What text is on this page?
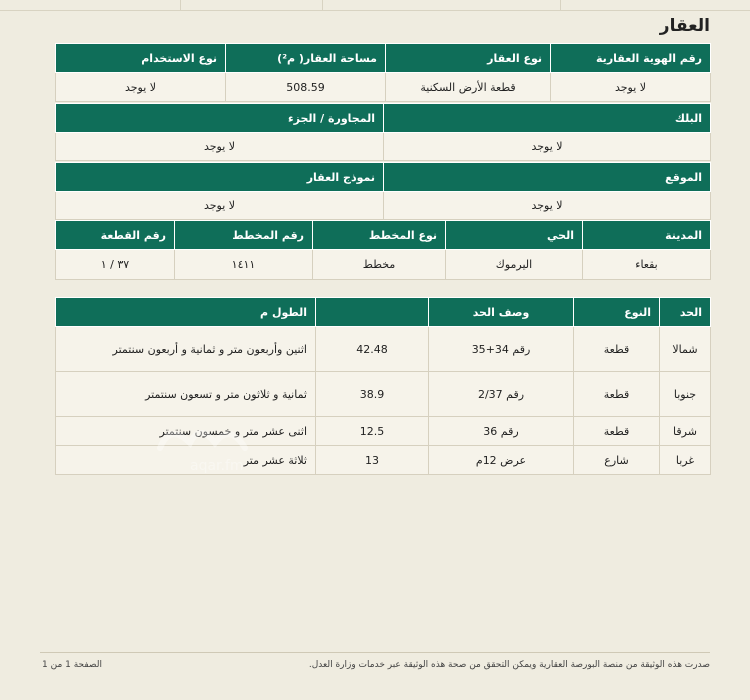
العقار
رقم الهوية العقارية	نوع العقار	مساحة العقار( م²)	نوع الاستخدام
لا يوجد	قطعة الأرض السكنية	508.59	لا يوجد
البلك	المجاورة / الجزء
لا يوجد	لا يوجد
الموقع	نموذج العقار
لا يوجد	لا يوجد
المدينة	الحي	نوع المخطط	رقم المخطط	رقم القطعة
بقعاء	اليرموك	مخطط	١٤١١	٣٧ / ١
الحد	النوع	وصف الحد		الطول م
شمالا	قطعة	رقم 34+35	42.48	اثنين وأربعون متر و ثمانية و أربعون سنتمتر
جنوبا	قطعة	رقم 2/37	38.9	ثمانية و ثلاثون متر و تسعون سنتمتر
شرقا	قطعة	رقم 36	12.5	اثنى عشر متر و خمسون سنتمتر
غربا	شارع	عرض 12م	13	ثلاثة عشر متر
aqar.fm
الصفحة 1 من 1	صدرت هذه الوثيقة من منصة البورصة العقارية ويمكن التحقق من صحة هذه الوثيقة عبر خدمات وزارة العدل.
